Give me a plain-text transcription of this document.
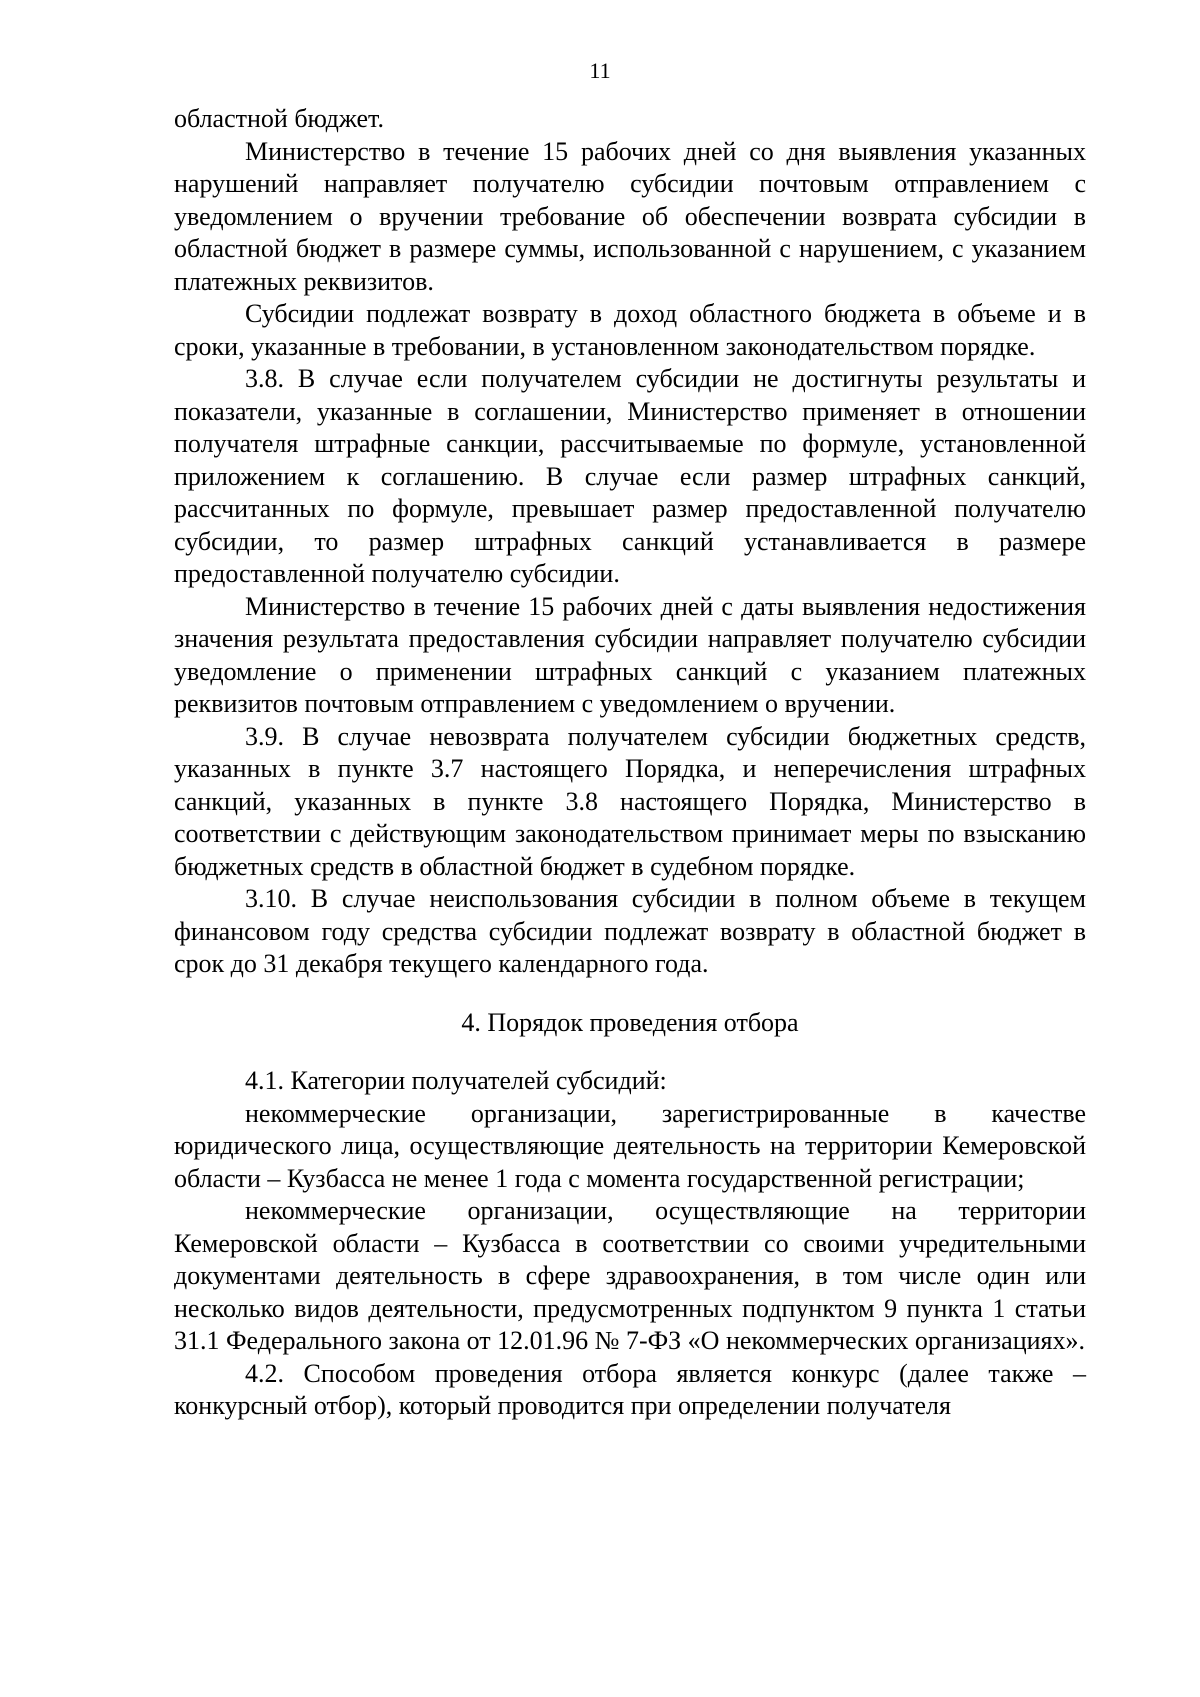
11

областной бюджет.

Министерство в течение 15 рабочих дней со дня выявления указанных нарушений направляет получателю субсидии почтовым отправлением с уведомлением о вручении требование об обеспечении возврата субсидии в областной бюджет в размере суммы, использованной с нарушением, с указанием платежных реквизитов.

Субсидии подлежат возврату в доход областного бюджета в объеме и в сроки, указанные в требовании, в установленном законодательством порядке.

3.8. В случае если получателем субсидии не достигнуты результаты и показатели, указанные в соглашении, Министерство применяет в отношении получателя штрафные санкции, рассчитываемые по формуле, установленной приложением к соглашению. В случае если размер штрафных санкций, рассчитанных по формуле, превышает размер предоставленной получателю субсидии, то размер штрафных санкций устанавливается в размере предоставленной получателю субсидии.

Министерство в течение 15 рабочих дней с даты выявления недостижения значения результата предоставления субсидии направляет получателю субсидии уведомление о применении штрафных санкций с указанием платежных реквизитов почтовым отправлением с уведомлением о вручении.

3.9. В случае невозврата получателем субсидии бюджетных средств, указанных в пункте 3.7 настоящего Порядка, и неперечисления штрафных санкций, указанных в пункте 3.8 настоящего Порядка, Министерство в соответствии с действующим законодательством принимает меры по взысканию бюджетных средств в областной бюджет в судебном порядке.

3.10. В случае неиспользования субсидии в полном объеме в текущем финансовом году средства субсидии подлежат возврату в областной бюджет в срок до 31 декабря текущего календарного года.

4. Порядок проведения отбора

4.1. Категории получателей субсидий:

некоммерческие организации, зарегистрированные в качестве юридического лица, осуществляющие деятельность на территории Кемеровской области – Кузбасса не менее 1 года с момента государственной регистрации;

некоммерческие организации, осуществляющие на территории Кемеровской области – Кузбасса в соответствии со своими учредительными документами деятельность в сфере здравоохранения, в том числе один или несколько видов деятельности, предусмотренных подпунктом 9 пункта 1 статьи 31.1 Федерального закона от 12.01.96 № 7-ФЗ «О некоммерческих организациях».

4.2. Способом проведения отбора является конкурс (далее также – конкурсный отбор), который проводится при определении получателя
